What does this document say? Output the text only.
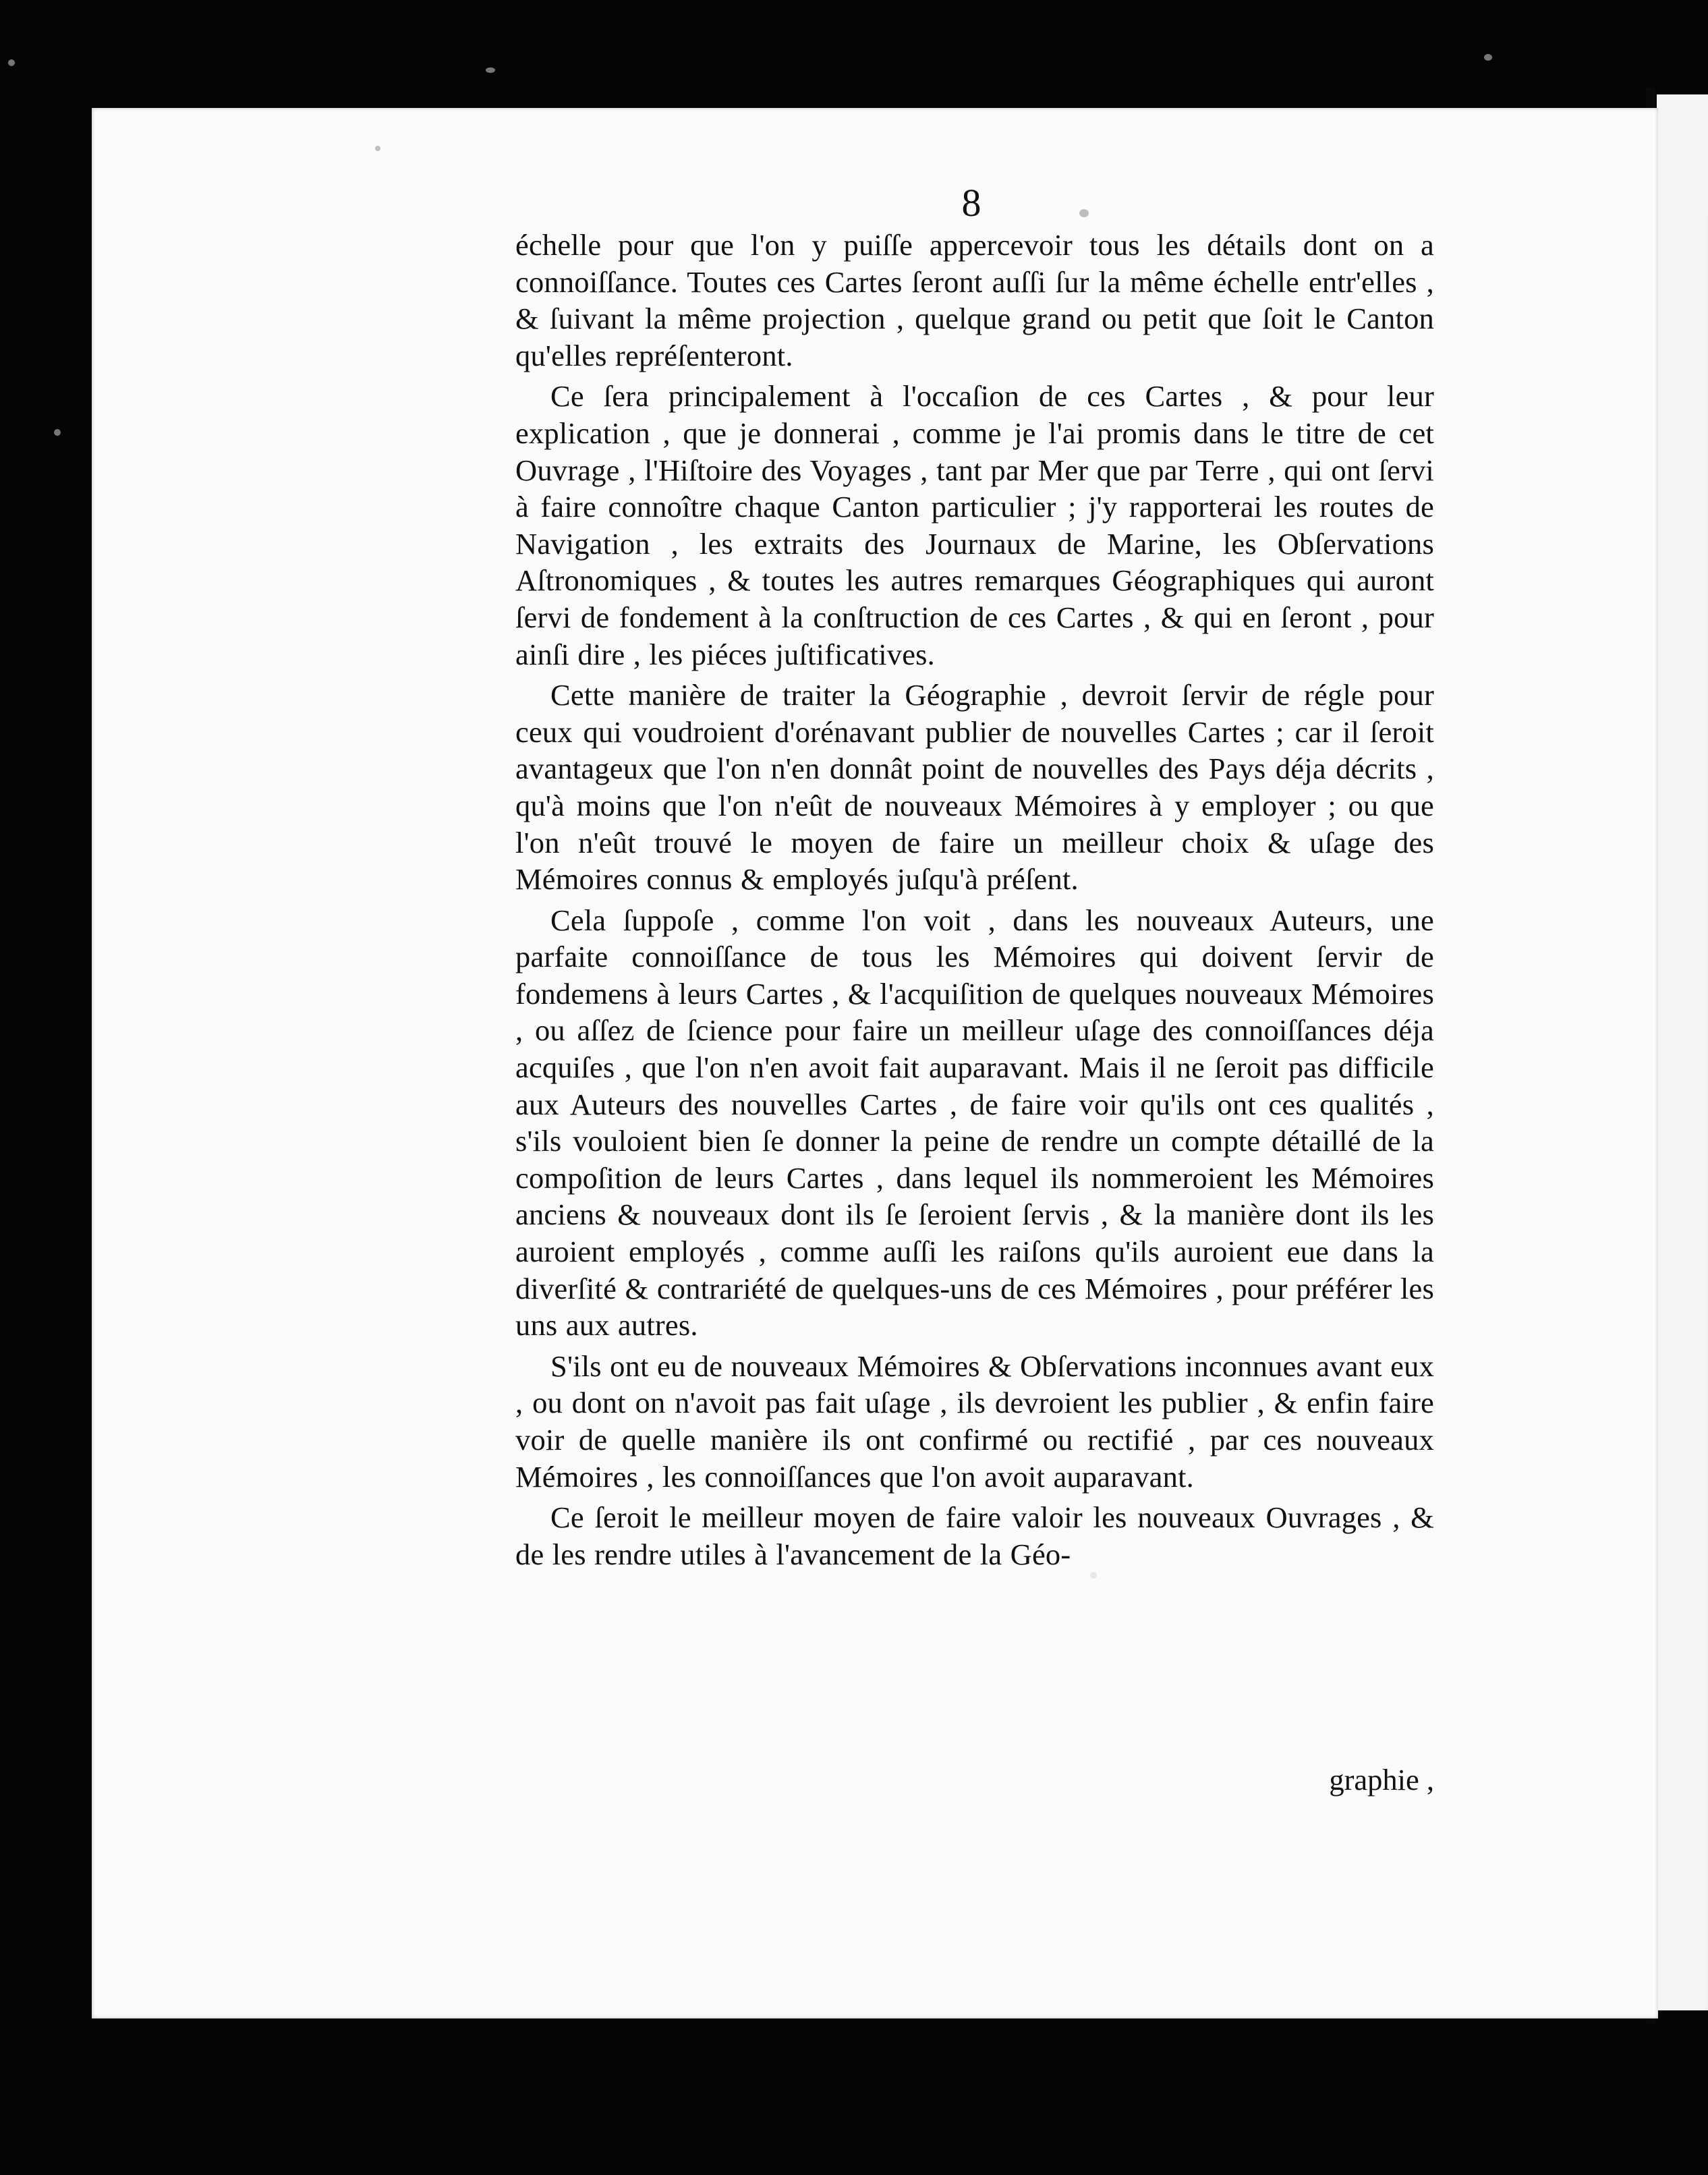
8

échelle pour que l'on y puiſſe appercevoir tous les détails dont on a connoiſſance. Toutes ces Cartes ſeront auſſi ſur la même échelle entr'elles , & ſuivant la même projection , quelque grand ou petit que ſoit le Canton qu'elles repréſenteront.

Ce ſera principalement à l'occaſion de ces Cartes , & pour leur explication , que je donnerai , comme je l'ai promis dans le titre de cet Ouvrage , l'Hiſtoire des Voyages , tant par Mer que par Terre , qui ont ſervi à faire connoître chaque Canton particulier ; j'y rapporterai les routes de Navigation , les extraits des Journaux de Marine, les Obſervations Aſtronomiques , & toutes les autres remarques Géographiques qui auront ſervi de fondement à la conſtruction de ces Cartes , & qui en ſeront , pour ainſi dire , les piéces juſtificatives.

Cette manière de traiter la Géographie , devroit ſervir de régle pour ceux qui voudroient d'orénavant publier de nouvelles Cartes ; car il ſeroit avantageux que l'on n'en donnât point de nouvelles des Pays déja décrits , qu'à moins que l'on n'eût de nouveaux Mémoires à y employer ; ou que l'on n'eût trouvé le moyen de faire un meilleur choix & uſage des Mémoires connus & employés juſqu'à préſent.

Cela ſuppoſe , comme l'on voit , dans les nouveaux Auteurs, une parfaite connoiſſance de tous les Mémoires qui doivent ſervir de fondemens à leurs Cartes , & l'acquiſition de quelques nouveaux Mémoires , ou aſſez de ſcience pour faire un meilleur uſage des connoiſſances déja acquiſes , que l'on n'en avoit fait auparavant. Mais il ne ſeroit pas difficile aux Auteurs des nouvelles Cartes , de faire voir qu'ils ont ces qualités , s'ils vouloient bien ſe donner la peine de rendre un compte détaillé de la compoſition de leurs Cartes , dans lequel ils nommeroient les Mémoires anciens & nouveaux dont ils ſe ſeroient ſervis , & la manière dont ils les auroient employés , comme auſſi les raiſons qu'ils auroient eue dans la diverſité & contrariété de quelques-uns de ces Mémoires , pour préférer les uns aux autres.

S'ils ont eu de nouveaux Mémoires & Obſervations inconnues avant eux , ou dont on n'avoit pas fait uſage , ils devroient les publier , & enfin faire voir de quelle manière ils ont confirmé ou rectifié , par ces nouveaux Mémoires , les connoiſſances que l'on avoit auparavant.

Ce ſeroit le meilleur moyen de faire valoir les nouveaux Ouvrages , & de les rendre utiles à l'avancement de la Géo-

graphie ,
